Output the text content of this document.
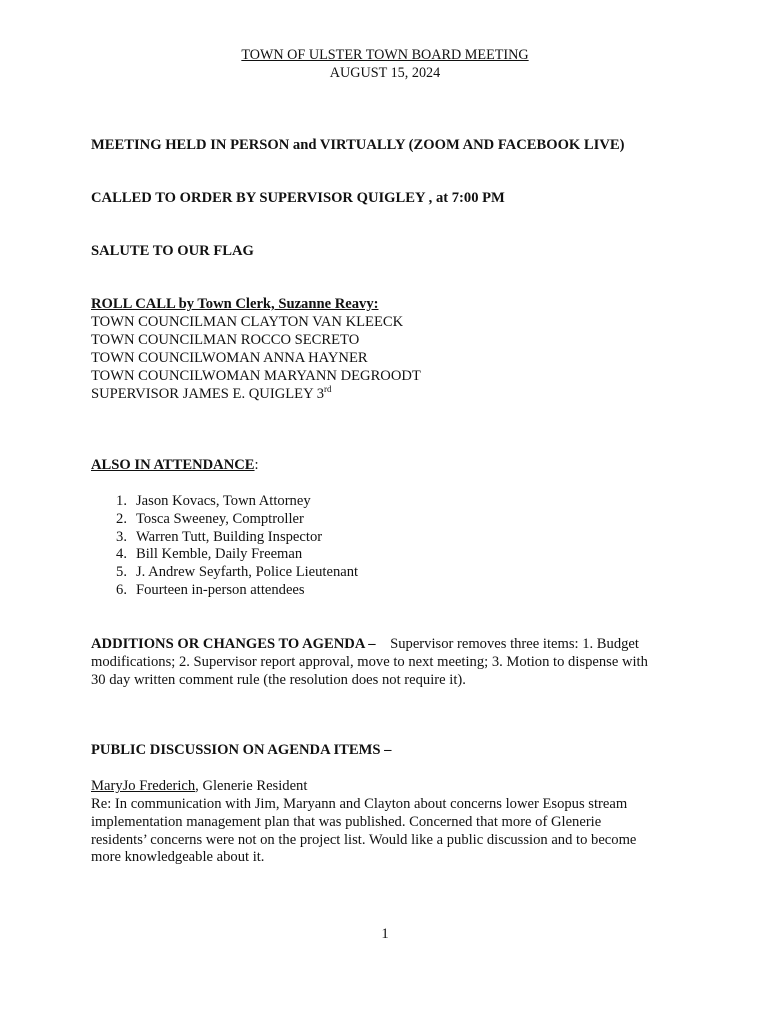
TOWN OF ULSTER TOWN BOARD MEETING
AUGUST 15, 2024
MEETING HELD IN PERSON and VIRTUALLY (ZOOM AND FACEBOOK LIVE)
CALLED TO ORDER BY SUPERVISOR QUIGLEY , at 7:00 PM
SALUTE TO OUR FLAG
ROLL CALL by Town Clerk, Suzanne Reavy:
TOWN COUNCILMAN CLAYTON VAN KLEECK
TOWN COUNCILMAN ROCCO SECRETO
TOWN COUNCILWOMAN ANNA HAYNER
TOWN COUNCILWOMAN MARYANN DEGROODT
SUPERVISOR JAMES E. QUIGLEY 3rd
ALSO IN ATTENDANCE:
1. Jason Kovacs, Town Attorney
2. Tosca Sweeney, Comptroller
3. Warren Tutt, Building Inspector
4. Bill Kemble, Daily Freeman
5. J. Andrew Seyfarth, Police Lieutenant
6. Fourteen in-person attendees
ADDITIONS OR CHANGES TO AGENDA – Supervisor removes three items: 1. Budget
modifications; 2. Supervisor report approval, move to next meeting; 3. Motion to dispense with
30 day written comment rule (the resolution does not require it).
PUBLIC DISCUSSION ON AGENDA ITEMS –
MaryJo Frederich, Glenerie Resident
Re: In communication with Jim, Maryann and Clayton about concerns lower Esopus stream
implementation management plan that was published. Concerned that more of Glenerie
residents’ concerns were not on the project list. Would like a public discussion and to become
more knowledgeable about it.
1
